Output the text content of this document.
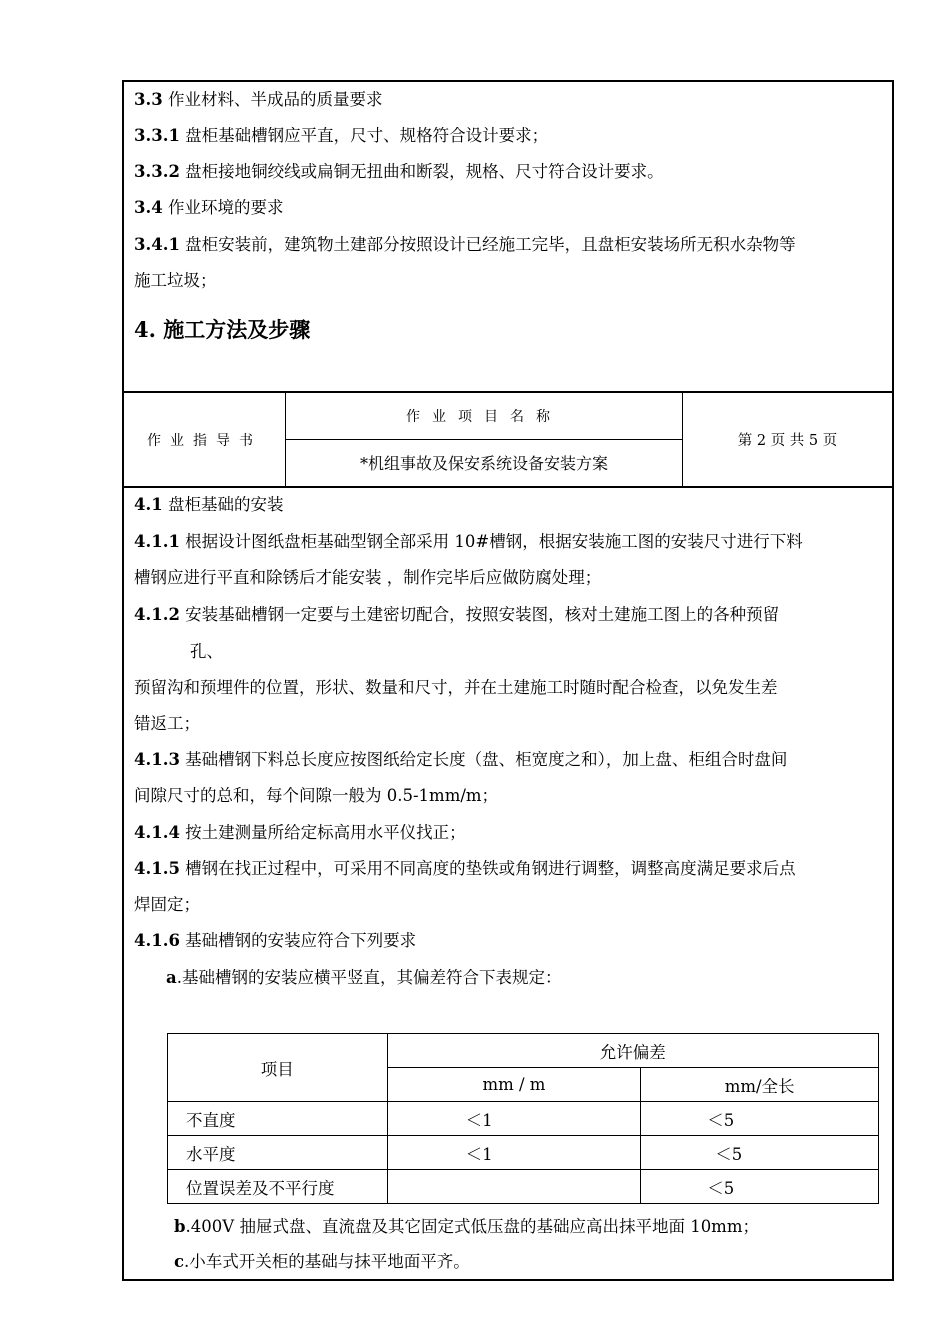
3.3 作业材料、半成品的质量要求
3.3.1 盘柜基础槽钢应平直，尺寸、规格符合设计要求；
3.3.2 盘柜接地铜绞线或扁铜无扭曲和断裂，规格、尺寸符合设计要求。
3.4 作业环境的要求
3.4.1 盘柜安装前，建筑物土建部分按照设计已经施工完毕，且盘柜安装场所无积水杂物等
施工垃圾；
4. 施工方法及步骤
作业指导书
作业项目名称
*机组事故及保安系统设备安装方案
第 2 页 共 5 页
4.1 盘柜基础的安装
4.1.1 根据设计图纸盘柜基础型钢全部采用 10#槽钢，根据安装施工图的安装尺寸进行下料
槽钢应进行平直和除锈后才能安装 ，制作完毕后应做防腐处理；
4.1.2 安装基础槽钢一定要与土建密切配合，按照安装图，核对土建施工图上的各种预留
孔、
预留沟和预埋件的位置，形状、数量和尺寸，并在土建施工时随时配合检查，以免发生差
错返工；
4.1.3 基础槽钢下料总长度应按图纸给定长度（盘、柜宽度之和），加上盘、柜组合时盘间
间隙尺寸的总和，每个间隙一般为 0.5-1mm/m；
4.1.4 按土建测量所给定标高用水平仪找正；
4.1.5 槽钢在找正过程中，可采用不同高度的垫铁或角钢进行调整，调整高度满足要求后点
焊固定；
4.1.6 基础槽钢的安装应符合下列要求
a.基础槽钢的安装应横平竖直，其偏差符合下表规定：
项目	允许偏差	
	mm / m	mm/全长
不直度	＜1	＜5
水平度	＜1	＜5
位置误差及不平行度		＜5
b.400V 抽屉式盘、直流盘及其它固定式低压盘的基础应高出抹平地面 10mm；
c.小车式开关柜的基础与抹平地面平齐。
